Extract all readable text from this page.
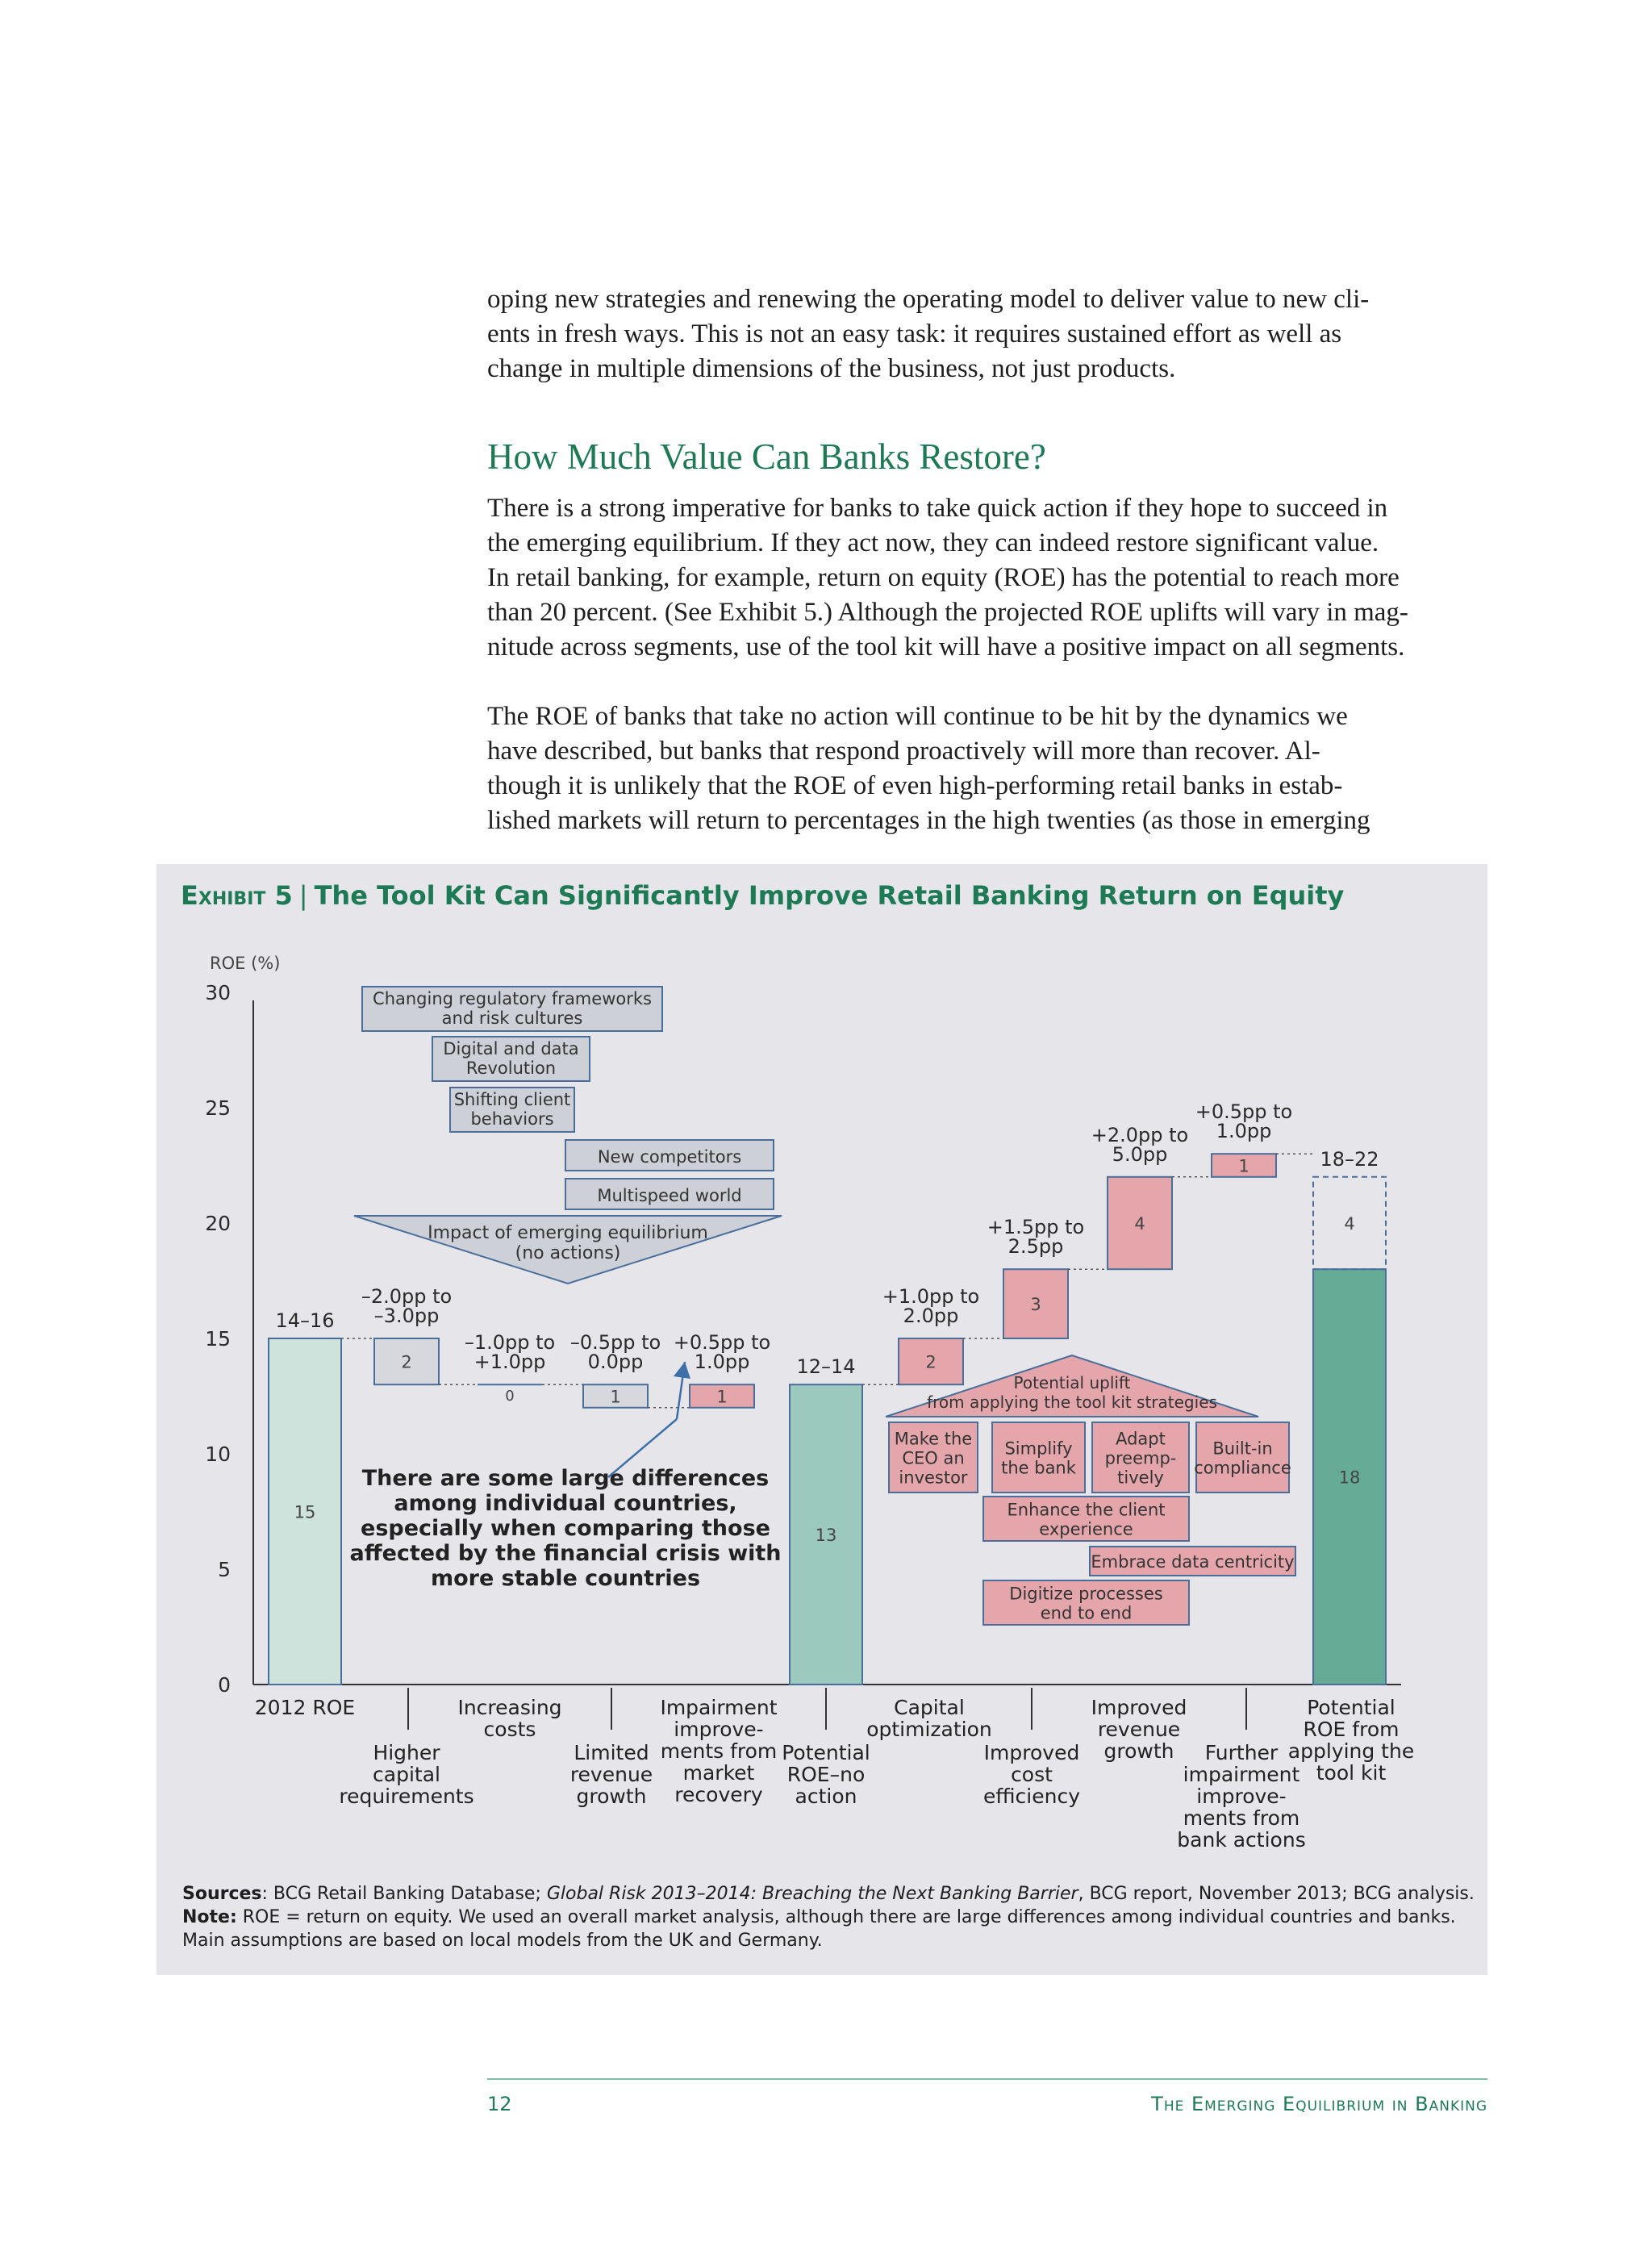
oping new strategies and renewing the operating model to deliver value to new cli-
ents in fresh ways. This is not an easy task: it requires sustained effort as well as
change in multiple dimensions of the business, not just products.
How Much Value Can Banks Restore?
There is a strong imperative for banks to take quick action if they hope to succeed in
the emerging equilibrium. If they act now, they can indeed restore significant value.
In retail banking, for example, return on equity (ROE) has the potential to reach more
than 20 percent. (See Exhibit 5.) Although the projected ROE uplifts will vary in mag-
nitude across segments, use of the tool kit will have a positive impact on all segments.
The ROE of banks that take no action will continue to be hit by the dynamics we
have described, but banks that respond proactively will more than recover. Al-
though it is unlikely that the ROE of even high-performing retail banks in estab-
lished markets will return to percentages in the high twenties (as those in emerging
ROE (%)
0
5
10
15
20
25
30
15
14–16
2
–2.0pp to
–3.0pp
0
–1.0pp to
+1.0pp
1
–0.5pp to
0.0pp
1
+0.5pp to
1.0pp
13
12–14	2
+1.0pp to
2.0pp	3
+1.5pp to
2.5pp
4
+2.0pp to
5.0pp
1
+0.5pp to
1.0pp
18
4
18–22
2012 ROE
Higher
capital
requirements
Increasing
costs
Limited
revenue
growth
Impairment
improve-
ments from
market
recovery
Potential
ROE–no
action
Capital
optimization
Improved
cost
efficiency
Improved
revenue
growth Further
impairment
improve-
ments from
bank actions
Potential
ROE from
applying the
tool kit
Changing regulatory frameworks
and risk cultures
Digital and data
Revolution
Shifting client
behaviors
New competitors
Multispeed world
Impact of emerging equilibrium
(no actions)
Potential uplift
from applying the tool kit strategies
Make the
CEO an
investor
Simplify
the bank
Adapt
preemp-
tively
Built-in
compliance
Enhance the client
experience
Embrace data centricity
Digitize processes
end to end
There are some large differences
among individual countries,
especially when comparing those
affected by the financial crisis with
more stable countries
Exhibit 5 | The Tool Kit Can Significantly Improve Retail Banking Return on Equity
Sources: BCG Retail Banking Database; Global Risk 2013–2014: Breaching the Next Banking Barrier, BCG report, November 2013; BCG analysis.
Note: ROE = return on equity. We used an overall market analysis, although there are large differences among individual countries and banks.
Main assumptions are based on local models from the UK and Germany.
12	The Emerging Equilibrium in Banking
